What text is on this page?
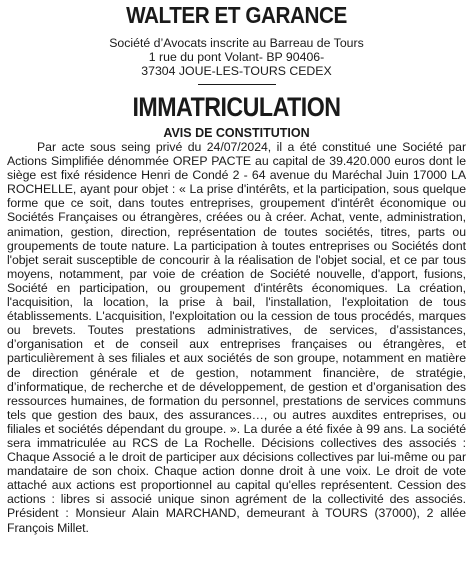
WALTER ET GARANCE
Société d’Avocats inscrite au Barreau de Tours
1 rue du pont Volant- BP 90406-
37304 JOUE-LES-TOURS CEDEX
IMMATRICULATION
AVIS DE CONSTITUTION

Par acte sous seing privé du 24/07/2024, il a été constitué une Société par Actions Simplifiée dénommée OREP PACTE au capital de 39.420.000 euros dont le siège est fixé résidence Henri de Condé 2 - 64 avenue du Maréchal Juin 17000 LA ROCHELLE, ayant pour objet : « La prise d'intérêts, et la participation, sous quelque forme que ce soit, dans toutes entreprises, groupement d'intérêt économique ou Sociétés Françaises ou étrangères, créées ou à créer. Achat, vente, administration, animation, gestion, direction, représentation de toutes sociétés, titres, parts ou groupements de toute nature. La participation à toutes entreprises ou Sociétés dont l'objet serait susceptible de concourir à la réalisation de l'objet social, et ce par tous moyens, notamment, par voie de création de Société nouvelle, d'apport, fusions, Société en participation, ou groupement d'intérêts économiques. La création, l'acquisition, la location, la prise à bail, l'installation, l'exploitation de tous établissements. L'acquisition, l'exploitation ou la cession de tous procédés, marques ou brevets. Toutes prestations administratives, de services, d’assistances, d’organisation et de conseil aux entreprises françaises ou étrangères, et particulièrement à ses filiales et aux sociétés de son groupe, notamment en matière de direction générale et de gestion, notamment financière, de stratégie, d’informatique, de recherche et de développement, de gestion et d’organisation des ressources humaines, de formation du personnel, prestations de services communs tels que gestion des baux, des assurances…, ou autres auxdites entreprises, ou filiales et sociétés dépendant du groupe. ». La durée a été fixée à 99 ans. La société sera immatriculée au RCS de La Rochelle. Décisions collectives des associés : Chaque Associé a le droit de participer aux décisions collectives par lui-même ou par mandataire de son choix. Chaque action donne droit à une voix. Le droit de vote attaché aux actions est proportionnel au capital qu'elles représentent. Cession des actions : libres si associé unique sinon agrément de la collectivité des associés. Président : Monsieur Alain MARCHAND, demeurant à TOURS (37000), 2 allée François Millet.
